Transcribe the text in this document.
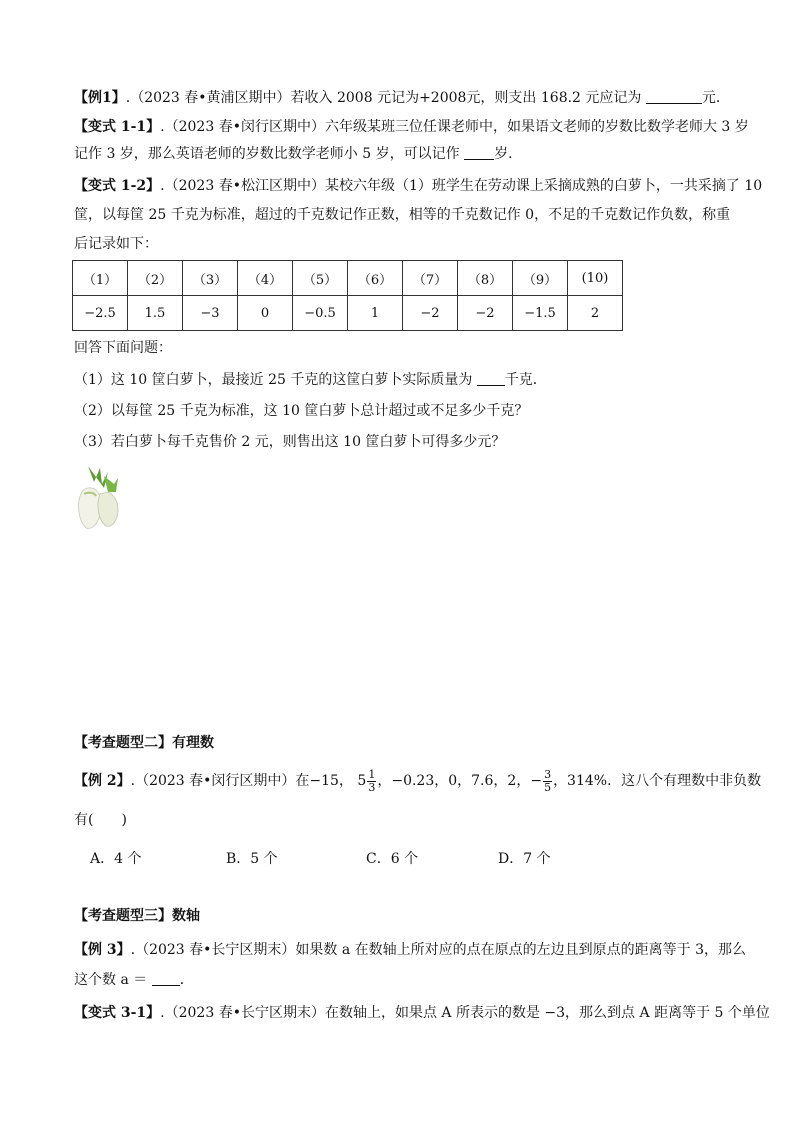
【例1】.（2023 春•黄浦区期中）若收入 2008 元记为+2008元，则支出 168.2 元应记为	元．
【变式 1-1】.（2023 春•闵行区期中）六年级某班三位任课老师中，如果语文老师的岁数比数学老师大 3 岁
记作 3 岁，那么英语老师的岁数比数学老师小 5 岁，可以记作 岁．
【变式 1-2】.（2023 春•松江区期中）某校六年级（1）班学生在劳动课上采摘成熟的白萝卜，一共采摘了 10
筐，以每筐 25 千克为标准，超过的千克数记作正数，相等的千克数记作 0，不足的千克数记作负数，称重
后记录如下：
（1）	（2）	（3）	（4）	（5）	（6）	（7）	（8）	（9）	(10)
−2.5	1.5	−3	0	−0.5	1	−2	−2	−1.5	2
回答下面问题：
（1）这 10 筐白萝卜，最接近 25 千克的这筐白萝卜实际质量为 千克．
（2）以每筐 25 千克为标准，这 10 筐白萝卜总计超过或不足多少千克？
（3）若白萝卜每千克售价 2 元，则售出这 10 筐白萝卜可得多少元？
【考查题型二】有理数
【例 2】.（2023 春•闵行区期中）在−15， $5 \frac{1}{3}$ ，−0.23，0，7.6，2，− $\frac{3}{5}$ ，314%．这八个有理数中非负数
有(　　)
A．4 个	B．5 个	C．6 个	D．7 个
【考查题型三】数轴
【例 3】.（2023 春•长宁区期末）如果数 a 在数轴上所对应的点在原点的左边且到原点的距离等于 3，那么
这个数 a ＝ ．
【变式 3-1】.（2023 春•长宁区期末）在数轴上，如果点 A 所表示的数是 −3，那么到点 A 距离等于 5 个单位
